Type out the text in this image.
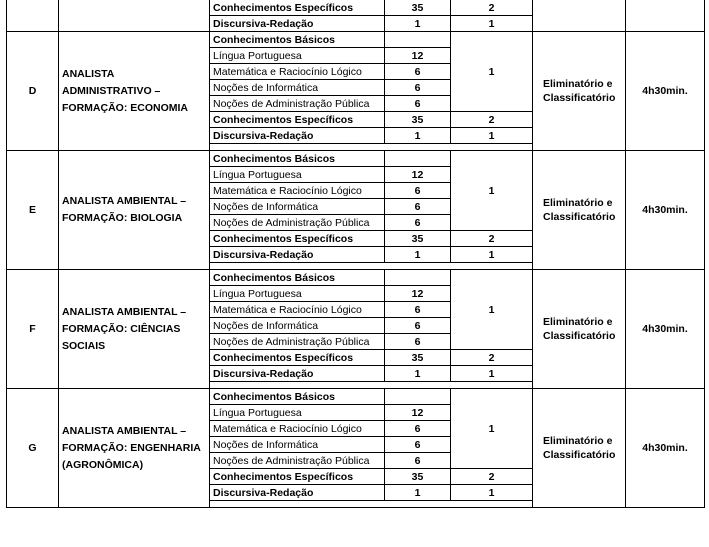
		Conhecimentos Específicos	35	2		
		Discursiva-Redação	1	1		
D	ANALISTA ADMINISTRATIVO – FORMAÇÃO: ECONOMIA	Conhecimentos Básicos		1	Eliminatório e Classificatório	4h30min.
		Língua Portuguesa	12			
		Matemática e Raciocínio Lógico	6			
		Noções de Informática	6			
		Noções de Administração Pública	6			
		Conhecimentos Específicos	35	2		
		Discursiva-Redação	1	1		

E	ANALISTA AMBIENTAL – FORMAÇÃO: BIOLOGIA	Conhecimentos Básicos		1	Eliminatório e Classificatório	4h30min.
		Língua Portuguesa	12			
		Matemática e Raciocínio Lógico	6			
		Noções de Informática	6			
		Noções de Administração Pública	6			
		Conhecimentos Específicos	35	2		
		Discursiva-Redação	1	1		

F	ANALISTA AMBIENTAL – FORMAÇÃO: CIÊNCIAS SOCIAIS	Conhecimentos Básicos		1	Eliminatório e Classificatório	4h30min.
		Língua Portuguesa	12			
		Matemática e Raciocínio Lógico	6			
		Noções de Informática	6			
		Noções de Administração Pública	6			
		Conhecimentos Específicos	35	2		
		Discursiva-Redação	1	1		

G	ANALISTA AMBIENTAL – FORMAÇÃO: ENGENHARIA (AGRONÔMICA)	Conhecimentos Básicos		1	Eliminatório e Classificatório	4h30min.
		Língua Portuguesa	12			
		Matemática e Raciocínio Lógico	6			
		Noções de Informática	6			
		Noções de Administração Pública	6			
		Conhecimentos Específicos	35	2		
		Discursiva-Redação	1	1		
